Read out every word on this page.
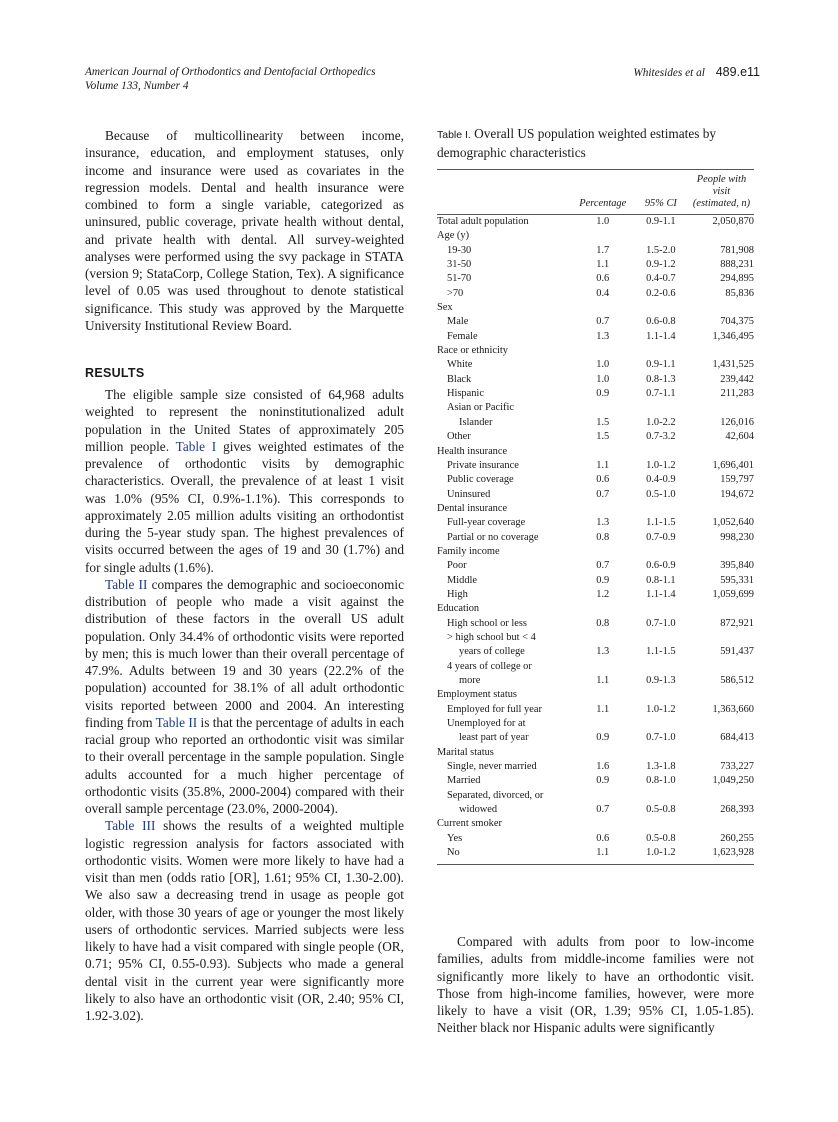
American Journal of Orthodontics and Dentofacial Orthopedics
Volume 133, Number 4
Whitesides et al 489.e11

Because of multicollinearity between income, insurance, education, and employment statuses, only income and insurance were used as covariates in the regression models. Dental and health insurance were combined to form a single variable, categorized as uninsured, public coverage, private health without dental, and private health with dental. All survey-weighted analyses were performed using the svy package in STATA (version 9; StataCorp, College Station, Tex). A significance level of 0.05 was used throughout to denote statistical significance. This study was approved by the Marquette University Institutional Review Board.

RESULTS

The eligible sample size consisted of 64,968 adults weighted to represent the noninstitutionalized adult population in the United States of approximately 205 million people. Table I gives weighted estimates of the prevalence of orthodontic visits by demographic characteristics. Overall, the prevalence of at least 1 visit was 1.0% (95% CI, 0.9%-1.1%). This corresponds to approximately 2.05 million adults visiting an orthodontist during the 5-year study span. The highest prevalences of visits occurred between the ages of 19 and 30 (1.7%) and for single adults (1.6%).

Table II compares the demographic and socioeconomic distribution of people who made a visit against the distribution of these factors in the overall US adult population. Only 34.4% of orthodontic visits were reported by men; this is much lower than their overall percentage of 47.9%. Adults between 19 and 30 years (22.2% of the population) accounted for 38.1% of all adult orthodontic visits reported between 2000 and 2004. An interesting finding from Table II is that the percentage of adults in each racial group who reported an orthodontic visit was similar to their overall percentage in the sample population. Single adults accounted for a much higher percentage of orthodontic visits (35.8%, 2000-2004) compared with their overall sample percentage (23.0%, 2000-2004).

Table III shows the results of a weighted multiple logistic regression analysis for factors associated with orthodontic visits. Women were more likely to have had a visit than men (odds ratio [OR], 1.61; 95% CI, 1.30-2.00). We also saw a decreasing trend in usage as people got older, with those 30 years of age or younger the most likely users of orthodontic services. Married subjects were less likely to have had a visit compared with single people (OR, 0.71; 95% CI, 0.55-0.93). Subjects who made a general dental visit in the current year were significantly more likely to also have an orthodontic visit (OR, 2.40; 95% CI, 1.92-3.02).

Table I. Overall US population weighted estimates by demographic characteristics

	Percentage	95% CI	People with visit (estimated, n)
Total adult population	1.0	0.9-1.1	2,050,870
Age (y)			
19-30	1.7	1.5-2.0	781,908
31-50	1.1	0.9-1.2	888,231
51-70	0.6	0.4-0.7	294,895
>70	0.4	0.2-0.6	85,836
Sex			
Male	0.7	0.6-0.8	704,375
Female	1.3	1.1-1.4	1,346,495
Race or ethnicity			
White	1.0	0.9-1.1	1,431,525
Black	1.0	0.8-1.3	239,442
Hispanic	0.9	0.7-1.1	211,283
Asian or Pacific			
Islander	1.5	1.0-2.2	126,016
Other	1.5	0.7-3.2	42,604
Health insurance			
Private insurance	1.1	1.0-1.2	1,696,401
Public coverage	0.6	0.4-0.9	159,797
Uninsured	0.7	0.5-1.0	194,672
Dental insurance			
Full-year coverage	1.3	1.1-1.5	1,052,640
Partial or no coverage	0.8	0.7-0.9	998,230
Family income			
Poor	0.7	0.6-0.9	395,840
Middle	0.9	0.8-1.1	595,331
High	1.2	1.1-1.4	1,059,699
Education			
High school or less	0.8	0.7-1.0	872,921
> high school but < 4			
years of college	1.3	1.1-1.5	591,437
4 years of college or			
more	1.1	0.9-1.3	586,512
Employment status			
Employed for full year	1.1	1.0-1.2	1,363,660
Unemployed for at			
least part of year	0.9	0.7-1.0	684,413
Marital status			
Single, never married	1.6	1.3-1.8	733,227
Married	0.9	0.8-1.0	1,049,250
Separated, divorced, or			
widowed	0.7	0.5-0.8	268,393
Current smoker			
Yes	0.6	0.5-0.8	260,255
No	1.1	1.0-1.2	1,623,928

Compared with adults from poor to low-income families, adults from middle-income families were not significantly more likely to have an orthodontic visit. Those from high-income families, however, were more likely to have a visit (OR, 1.39; 95% CI, 1.05-1.85). Neither black nor Hispanic adults were significantly
